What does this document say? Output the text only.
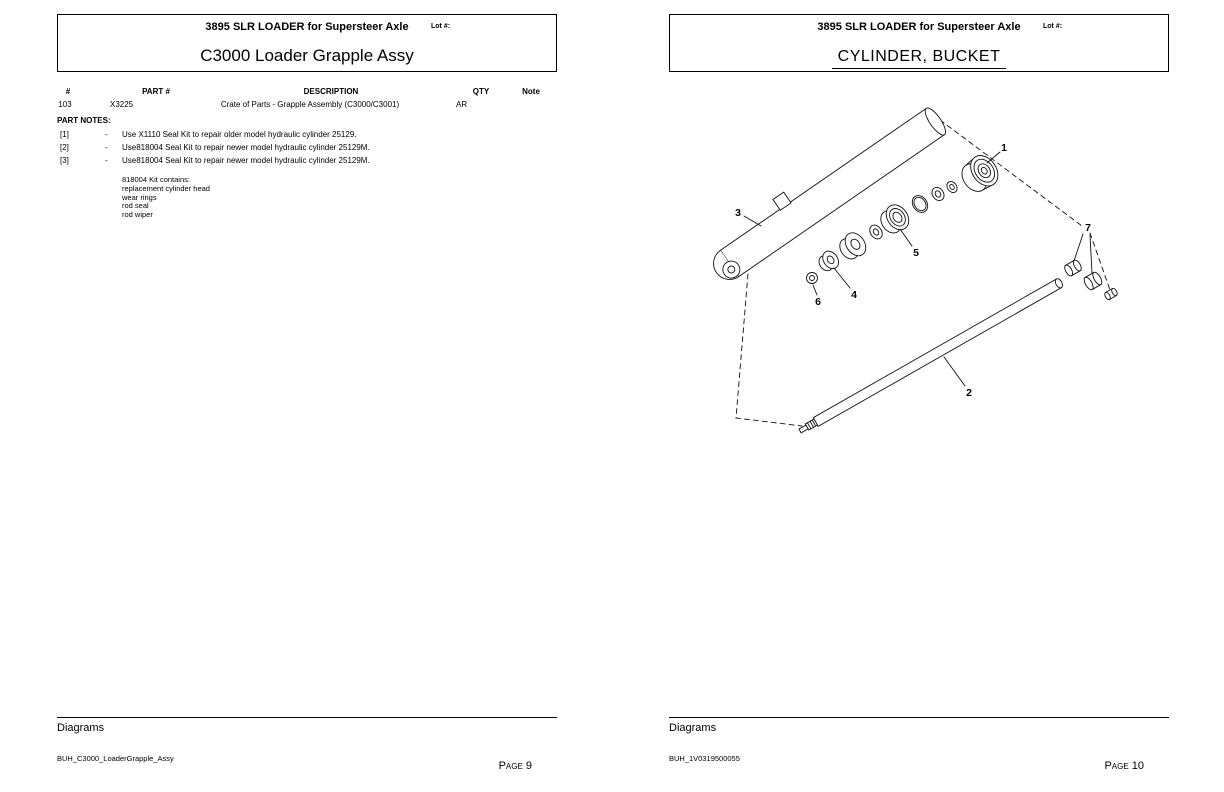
3895 SLR LOADER for Supersteer Axle	Lot #:
C3000 Loader Grapple Assy
#	PART #	DESCRIPTION	QTY	Note
103	X3225	Crate of Parts - Grapple Assembly (C3000/C3001)	AR
PART NOTES:
[1]	- Use X1110 Seal Kit to repair older model hydraulic cylinder 25129.
[2]	- Use818004 Seal Kit to repair newer model hydraulic cylinder 25129M.
[3]	- Use818004 Seal Kit to repair newer model hydraulic cylinder 25129M.
818004 Kit contains:
replacement cylinder head
wear rings
rod seal
rod wiper
Diagrams
BUH_C3000_LoaderGrapple_Assy
Page 9
3895 SLR LOADER for Supersteer Axle	Lot #:
CYLINDER, BUCKET
1
2
3
4
5
6
7
Diagrams
BUH_1V0319500055
Page 10
